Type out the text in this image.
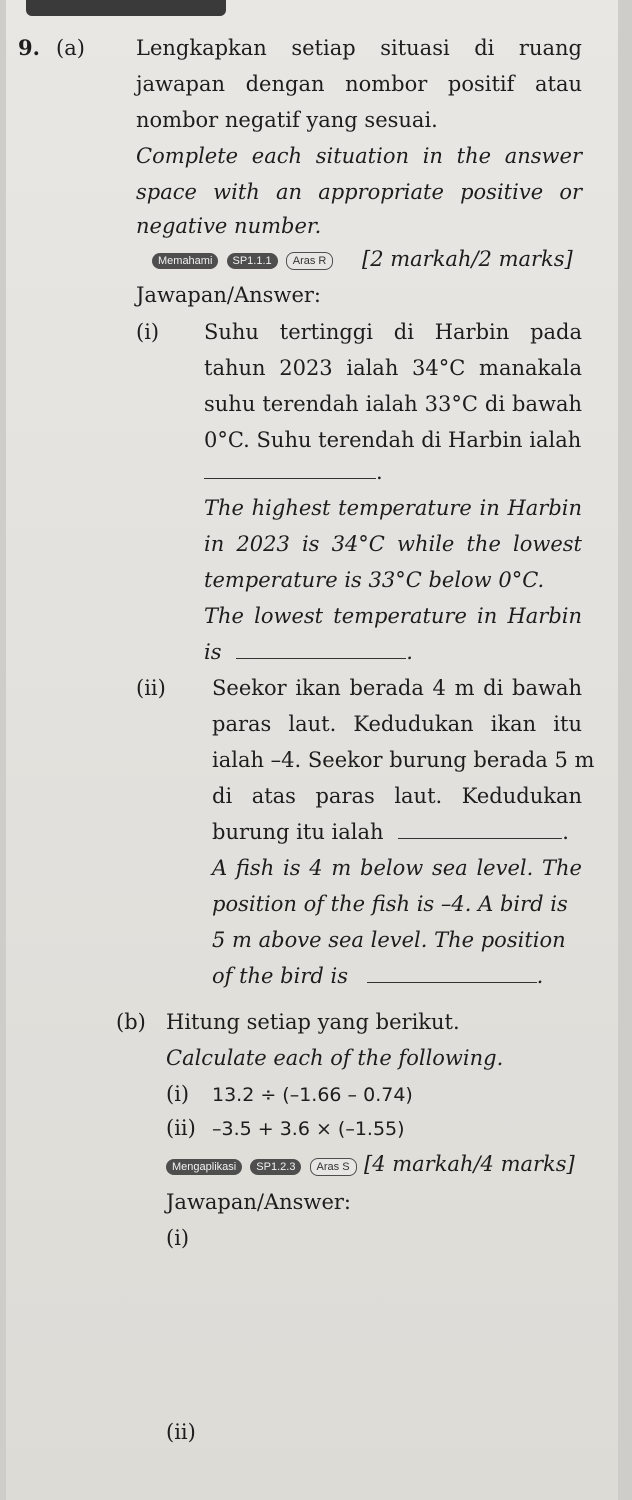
9. (a) Lengkapkan setiap situasi di ruang
jawapan dengan nombor positif atau
nombor negatif yang sesuai.
Complete each situation in the answer
space with an appropriate positive or
negative number.
Memahami SP1.1.1 Aras R	[2 markah/2 marks]
Jawapan/Answer:
(i) Suhu tertinggi di Harbin pada
tahun 2023 ialah 34°C manakala
suhu terendah ialah 33°C di bawah
0°C. Suhu terendah di Harbin ialah
.
The highest temperature in Harbin
in 2023 is 34°C while the lowest
temperature is 33°C below 0°C.
The lowest temperature in Harbin
is	.
(ii) Seekor ikan berada 4 m di bawah
paras laut. Kedudukan ikan itu
ialah –4. Seekor burung berada 5 m
di atas paras laut. Kedudukan
burung itu ialah	.
A fish is 4 m below sea level. The
position of the fish is –4. A bird is
5 m above sea level. The position
of the bird is	.
(b) Hitung setiap yang berikut.
Calculate each of the following.
(i) 13.2 ÷ (–1.66 – 0.74)
(ii) –3.5 + 3.6 × (–1.55)
Mengaplikasi SP1.2.3 Aras S [4 markah/4 marks]
Jawapan/Answer:
(i)
(ii)
